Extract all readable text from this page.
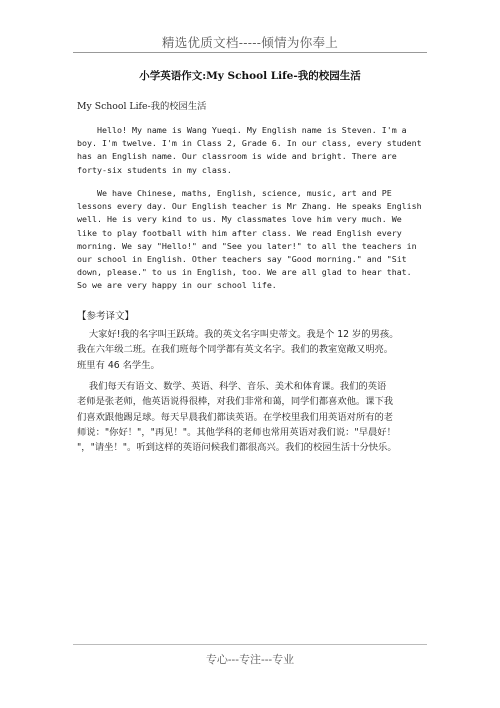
精选优质文档-----倾情为你奉上
小学英语作文:My School Life-我的校园生活
My School Life-我的校园生活
Hello! My name is Wang Yueqi. My English name is Steven. I'm a
boy. I'm twelve. I'm in Class 2, Grade 6. In our class, every student
has an English name. Our classroom is wide and bright. There are
forty-six students in my class.
We have Chinese, maths, English, science, music, art and PE
lessons every day. Our English teacher is Mr Zhang. He speaks English
well. He is very kind to us. My classmates love him very much. We
like to play football with him after class. We read English every
morning. We say "Hello!" and "See you later!" to all the teachers in
our school in English. Other teachers say "Good morning." and "Sit
down, please." to us in English, too. We are all glad to hear that.
So we are very happy in our school life.
【参考译文】
大家好!我的名字叫王跃琦。我的英文名字叫史蒂文。我是个 12 岁的男孩。
我在六年级二班。在我们班每个同学都有英文名字。我们的教室宽敞又明亮。
班里有 46 名学生。
我们每天有语文、数学、英语、科学、音乐、美术和体育课。我们的英语
老师是张老师，他英语说得很棒，对我们非常和蔼，同学们都喜欢他。课下我
们喜欢跟他踢足球。每天早晨我们都读英语。在学校里我们用英语对所有的老
师说："你好！"，"再见！"。其他学科的老师也常用英语对我们说："早晨好！
"，"请坐！"。听到这样的英语问候我们都很高兴。我们的校园生活十分快乐。
专心---专注---专业
